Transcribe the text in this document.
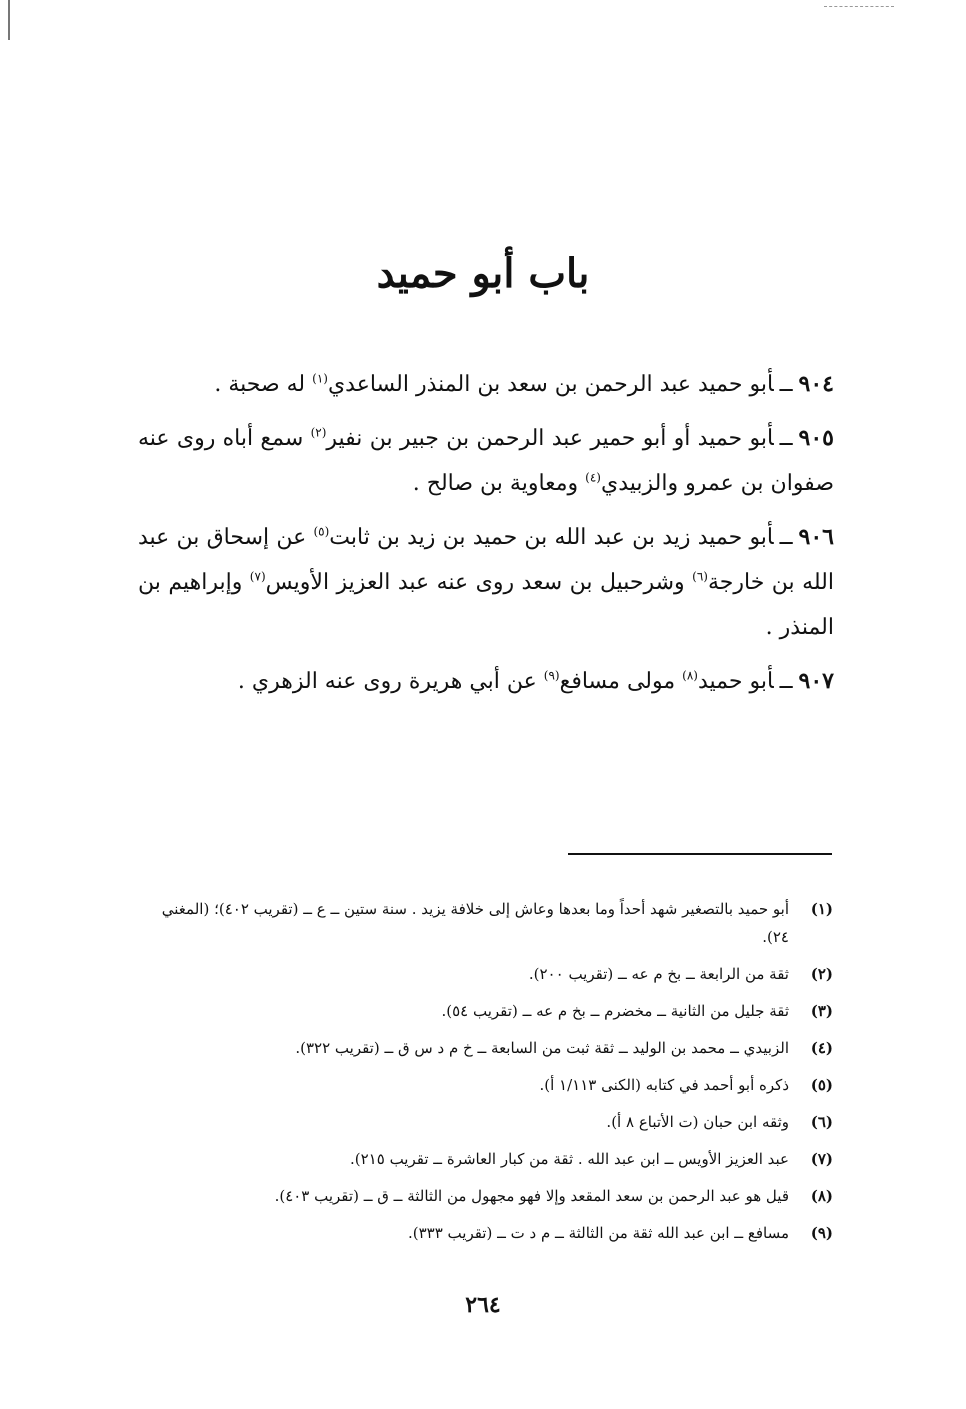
باب أبو حميد
٩٠٤ــأبو حميد عبد الرحمن بن سعد بن المنذر الساعدي$^{(١)}$ له صحبة .
٩٠٥ــأبو حميد أو أبو حمير عبد الرحمن بن جبير بن نفير$^{(٢)}$ سمع أباه روى عنه صفوان بن عمرو والزبيدي$^{(٤)}$ ومعاوية بن صالح .
٩٠٦ــأبو حميد زيد بن عبد الله بن حميد بن زيد بن ثابت$^{(٥)}$ عن إسحاق بن عبد الله بن خارجة$^{(٦)}$ وشرحبيل بن سعد روى عنه عبد العزيز الأويس$^{(٧)}$ وإبراهيم بن المنذر .
٩٠٧ــأبو حميد$^{(٨)}$ مولى مسافع$^{(٩)}$ عن أبي هريرة روى عنه الزهري .
(١)
أبو حميد بالتصغير شهد أحداً وما بعدها وعاش إلى خلافة يزيد . سنة ستين ــ ع ــ (تقريب ٤٠٢)؛ (المغني ٢٤).
(٢)
ثقة من الرابعة ــ بخ م عه ــ (تقريب ٢٠٠).
(٣)
ثقة جليل من الثانية ــ مخضرم ــ بخ م عه ــ (تقريب ٥٤).
(٤)
الزبيدي ــ محمد بن الوليد ــ ثقة ثبت من السابعة ــ خ م د س ق ــ (تقريب ٣٢٢).
(٥)
ذكره أبو أحمد في كتابه (الكنى ١/١١٣ أ).
(٦)
وثقه ابن حبان (ت الأتباع ٨ أ).
(٧)
عبد العزيز الأويس ــ ابن عبد الله . ثقة من كبار العاشرة ــ تقريب ٢١٥).
(٨)
قيل هو عبد الرحمن بن سعد المقعد وإلا فهو مجهول من الثالثة ــ ق ــ (تقريب ٤٠٣).
(٩)
مسافع ــ ابن عبد الله ثقة من الثالثة ــ م د ت ــ (تقريب ٣٣٣).
٢٦٤
